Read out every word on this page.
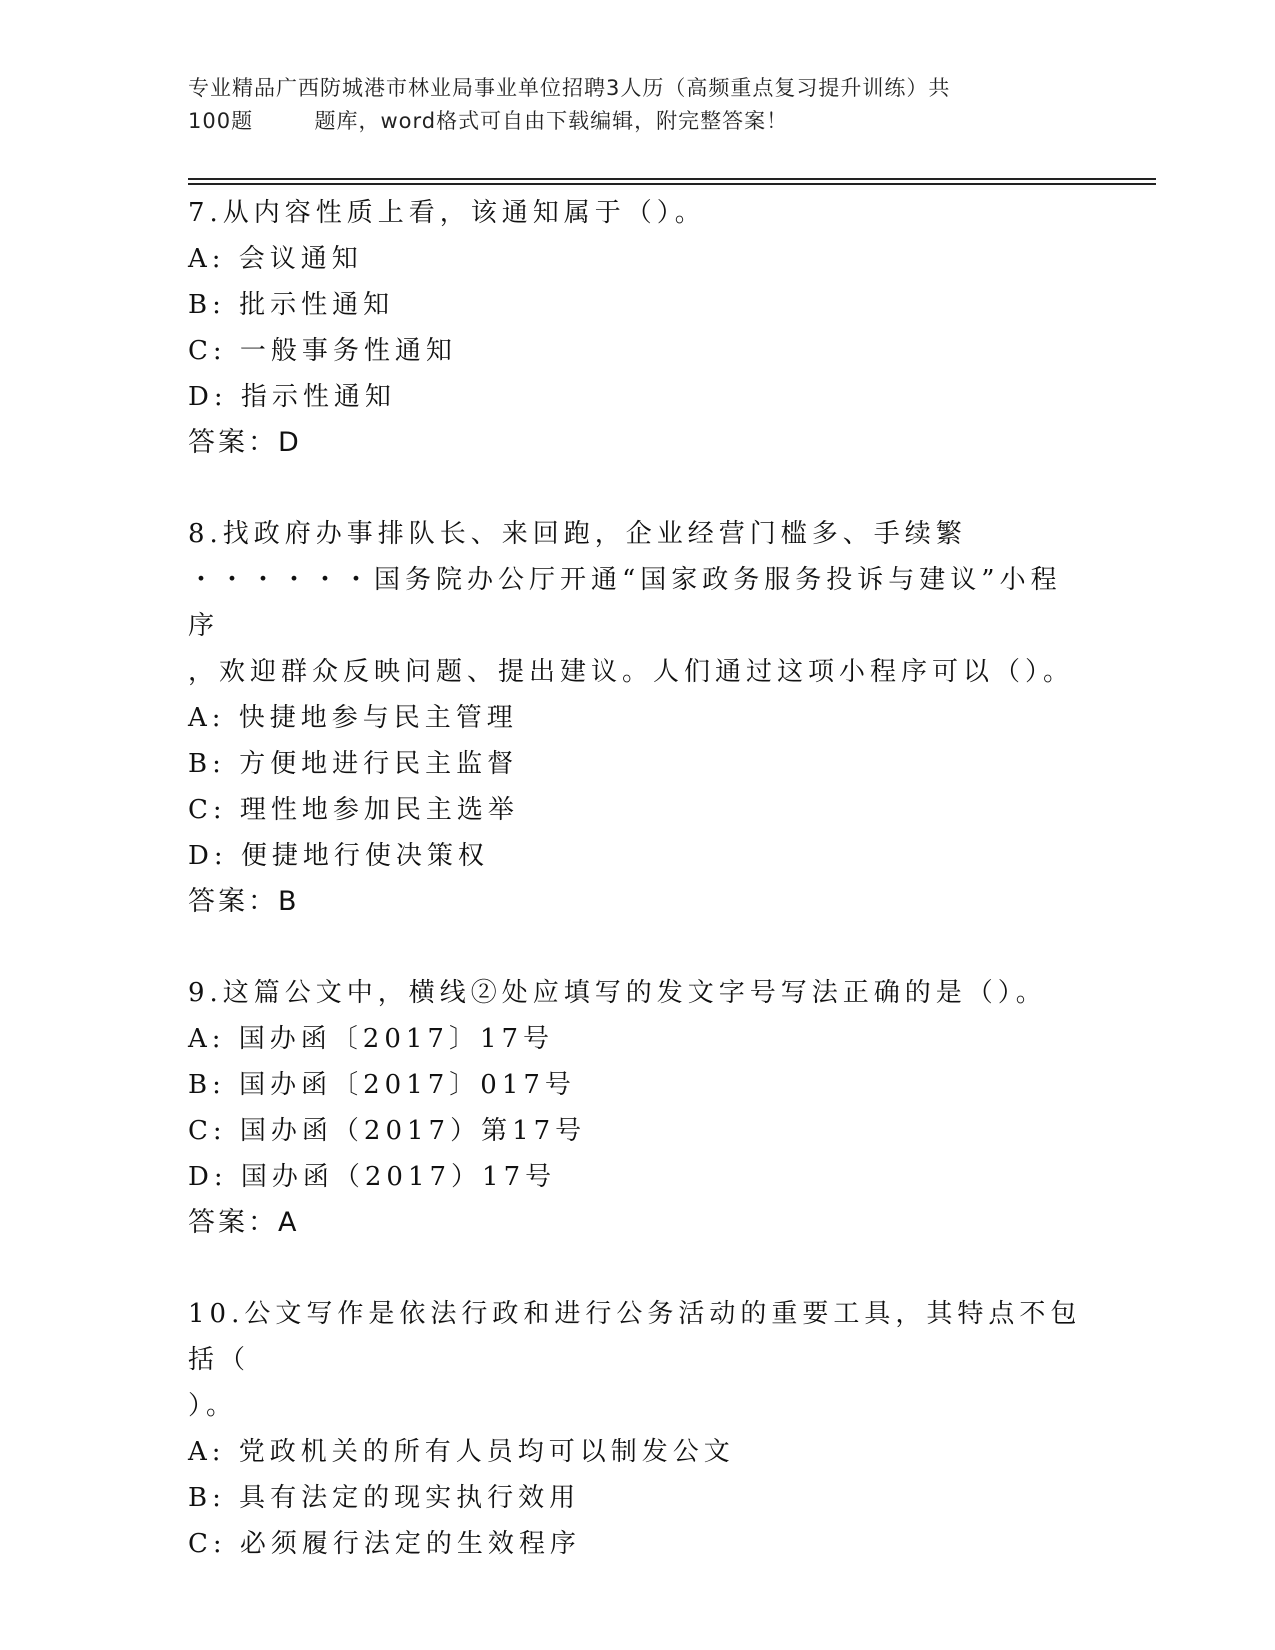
专业精品广西防城港市林业局事业单位招聘3人历（高频重点复习提升训练）共
100题        题库，word格式可自由下载编辑，附完整答案！

7.从内容性质上看，该通知属于（）。

A: 会议通知

B: 批示性通知

C: 一般事务性通知

D: 指示性通知

答案：D

8.找政府办事排队长、来回跑，企业经营门槛多、手续繁

・・・・・・国务院办公厅开通“国家政务服务投诉与建议”小程序

，欢迎群众反映问题、提出建议。人们通过这项小程序可以（）。

A: 快捷地参与民主管理

B: 方便地进行民主监督

C: 理性地参加民主选举

D: 便捷地行使决策权

答案：B

9.这篇公文中，横线②处应填写的发文字号写法正确的是（）。

A: 国办函〔2017〕17号

B: 国办函〔2017〕017号

C: 国办函（2017）第17号

D: 国办函（2017）17号

答案：A

10.公文写作是依法行政和进行公务活动的重要工具，其特点不包括（

）。

A: 党政机关的所有人员均可以制发公文

B: 具有法定的现实执行效用

C: 必须履行法定的生效程序
